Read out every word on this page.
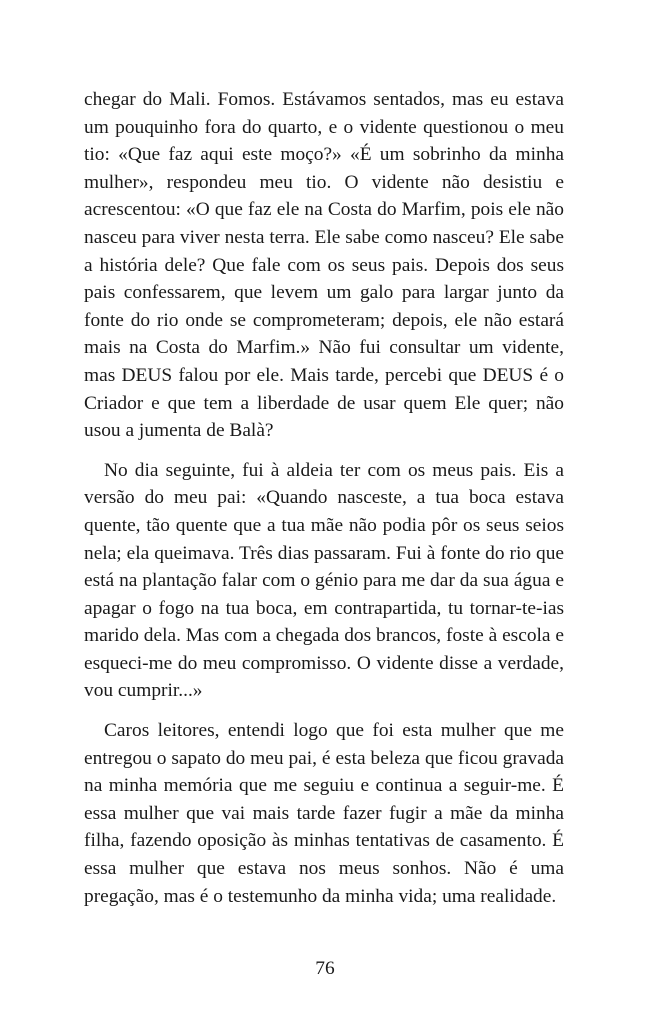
chegar do Mali. Fomos. Estávamos sentados, mas eu estava um pouquinho fora do quarto, e o vidente questionou o meu tio: «Que faz aqui este moço?» «É um sobrinho da minha mulher», respondeu meu tio. O vidente não desistiu e acrescentou: «O que faz ele na Costa do Marfim, pois ele não nasceu para viver nesta terra. Ele sabe como nasceu? Ele sabe a história dele? Que fale com os seus pais. Depois dos seus pais confessarem, que levem um galo para largar junto da fonte do rio onde se comprometeram; depois, ele não estará mais na Costa do Marfim.» Não fui consultar um vidente, mas DEUS falou por ele. Mais tarde, percebi que DEUS é o Criador e que tem a liberdade de usar quem Ele quer; não usou a jumenta de Balà?

No dia seguinte, fui à aldeia ter com os meus pais. Eis a versão do meu pai: «Quando nasceste, a tua boca estava quente, tão quente que a tua mãe não podia pôr os seus seios nela; ela queimava. Três dias passaram. Fui à fonte do rio que está na plantação falar com o génio para me dar da sua água e apagar o fogo na tua boca, em contrapartida, tu tornar-te-ias marido dela. Mas com a chegada dos brancos, foste à escola e esqueci-me do meu compromisso. O vidente disse a verdade, vou cumprir...»

Caros leitores, entendi logo que foi esta mulher que me entregou o sapato do meu pai, é esta beleza que ficou gravada na minha memória que me seguiu e continua a seguir-me. É essa mulher que vai mais tarde fazer fugir a mãe da minha filha, fazendo oposição às minhas tentativas de casamento. É essa mulher que estava nos meus sonhos. Não é uma pregação, mas é o testemunho da minha vida; uma realidade.

76
